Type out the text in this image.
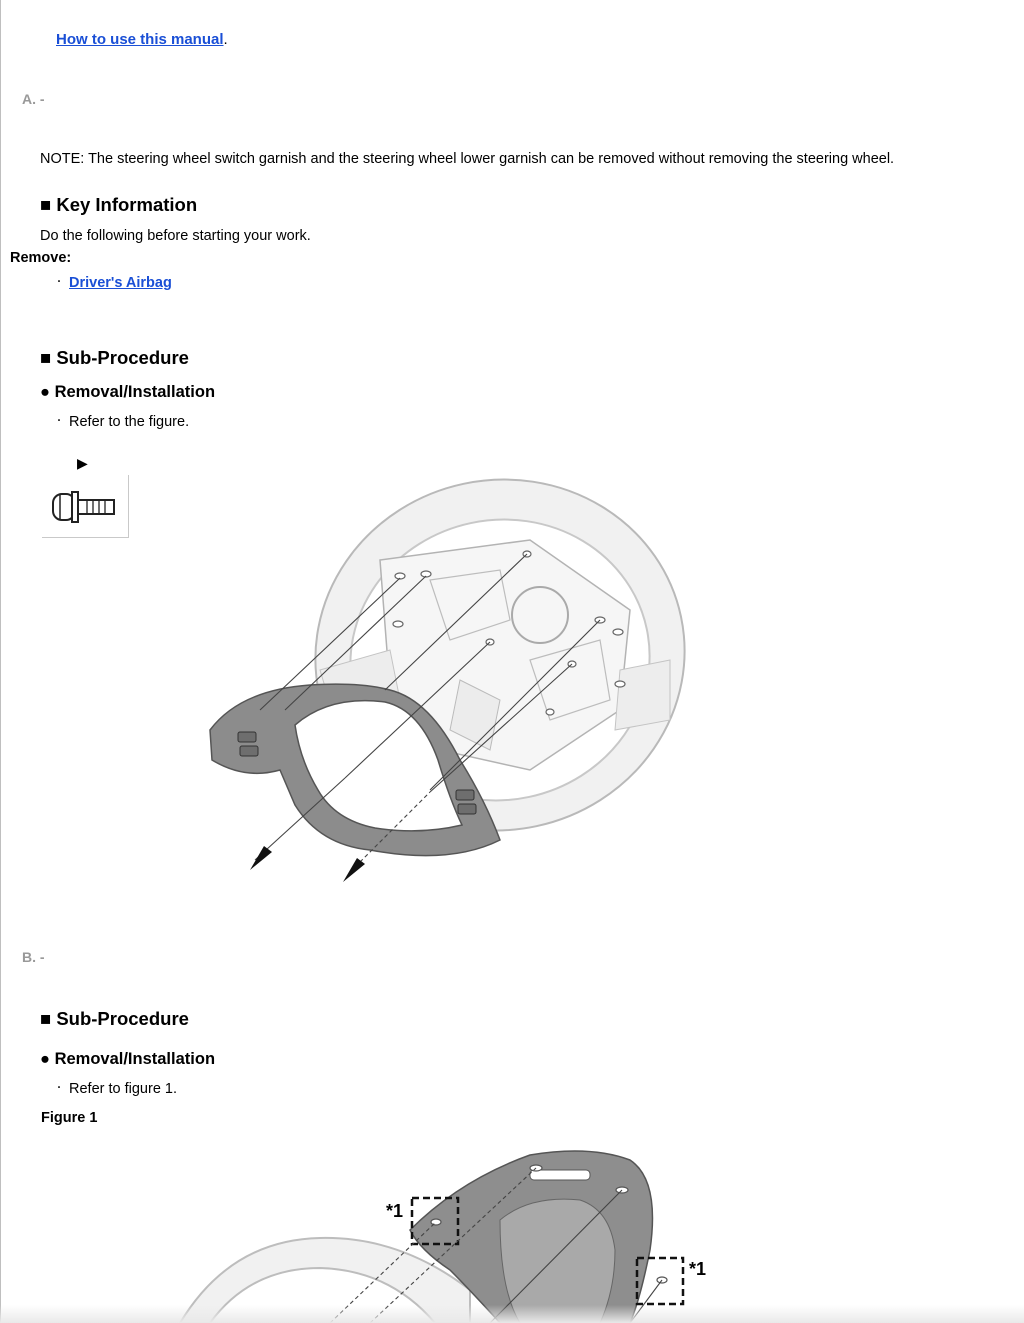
How to use this manual.
A. -
NOTE: The steering wheel switch garnish and the steering wheel lower garnish can be removed without removing the steering wheel.
■ Key Information
Do the following before starting your work.
Remove:
・ Driver's Airbag
■ Sub-Procedure
● Removal/Installation
・ Refer to the figure.
▶
B. -
■ Sub-Procedure
● Removal/Installation
・ Refer to figure 1.
Figure 1
*1
*1
